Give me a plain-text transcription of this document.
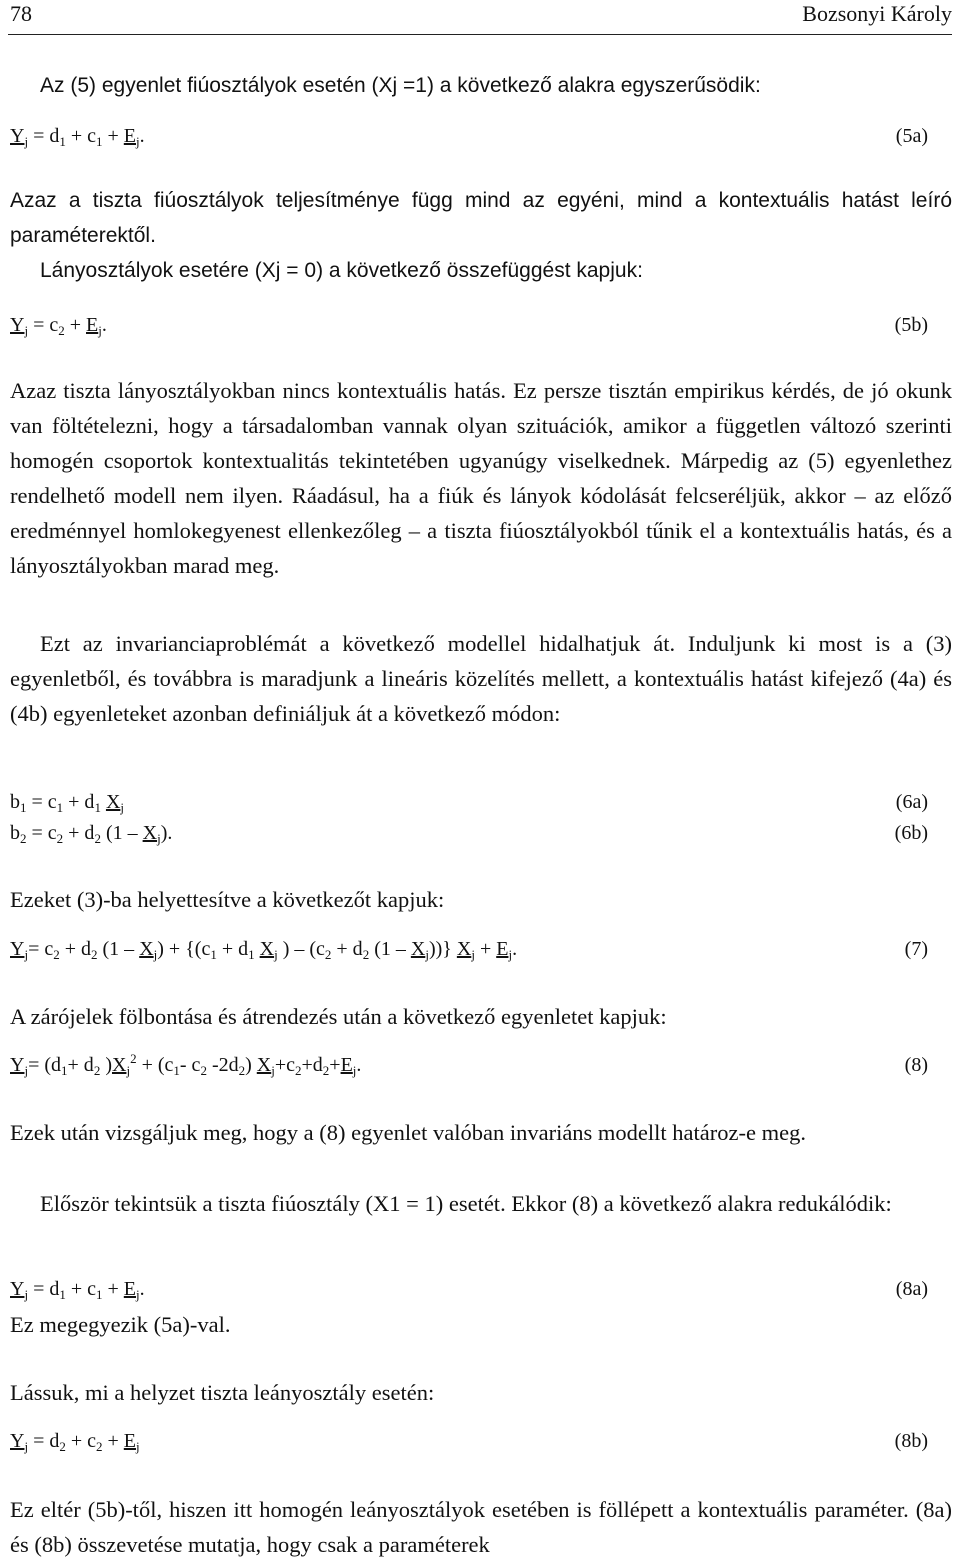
78	Bozsonyi Károly

Az (5) egyenlet fiúosztályok esetén (Xj =1) a következő alakra egyszerűsödik:

$Y_j = d_1 + c_1 + E_j$.	(5a)

Azaz a tiszta fiúosztályok teljesítménye függ mind az egyéni, mind a kontextuális hatást leíró paraméterektől.

Lányosztályok esetére (Xj = 0) a következő összefüggést kapjuk:

$Y_j = c_2 + E_j$.	(5b)

Azaz tiszta lányosztályokban nincs kontextuális hatás. Ez persze tisztán empirikus kérdés, de jó okunk van föltételezni, hogy a társadalomban vannak olyan szituációk, amikor a független változó szerinti homogén csoportok kontextualitás tekintetében ugyanúgy viselkednek. Márpedig az (5) egyenlethez rendelhető modell nem ilyen. Ráadásul, ha a fiúk és lányok kódolását felcseréljük, akkor – az előző eredménnyel homlokegyenest ellenkezőleg – a tiszta fiúosztályokból tűnik el a kontextuális hatás, és a lányosztályokban marad meg.

Ezt az invarianciaproblémát a következő modellel hidalhatjuk át. Induljunk ki most is a (3) egyenletből, és továbbra is maradjunk a lineáris közelítés mellett, a kontextuális hatást kifejező (4a) és (4b) egyenleteket azonban definiáljuk át a következő módon:

$b_1 = c_1 + d_1$ $X_j$	(6a)
$b_2 = c_2 + d_2$ $(1 - X_j)$.	(6b)

Ezeket (3)-ba helyettesítve a következőt kapjuk:

$Y_j= c_2 + d_2$ $(1 - X_j) + \{(c_1 + d_1$ $X_j$ ) – ($c_2 + d_2$ $(1 - X_j)$)} $X_j + E_j$.	(7)

A zárójelek fölbontása és átrendezés után a következő egyenletet kapjuk:

$Y_j= (d_1+ d_2$ )$X_j^2 + (c_1-$ $c_2$ $-2d_2$) $X_j+c_2+d_2+E_j$.	(8)

Ezek után vizsgáljuk meg, hogy a (8) egyenlet valóban invariáns modellt határoz-e meg.

Először tekintsük a tiszta fiúosztály (X1 = 1) esetét. Ekkor (8) a következő alakra redukálódik:

$Y_j = d_1 + c_1 + E_j$.	(8a)

Ez megegyezik (5a)-val.

Lássuk, mi a helyzet tiszta leányosztály esetén:

$Y_j = d_2 + c_2 + E_j$	(8b)

Ez eltér (5b)-től, hiszen itt homogén leányosztályok esetében is föllépett a kontextuális paraméter. (8a) és (8b) összevetése mutatja, hogy csak a paraméterek
